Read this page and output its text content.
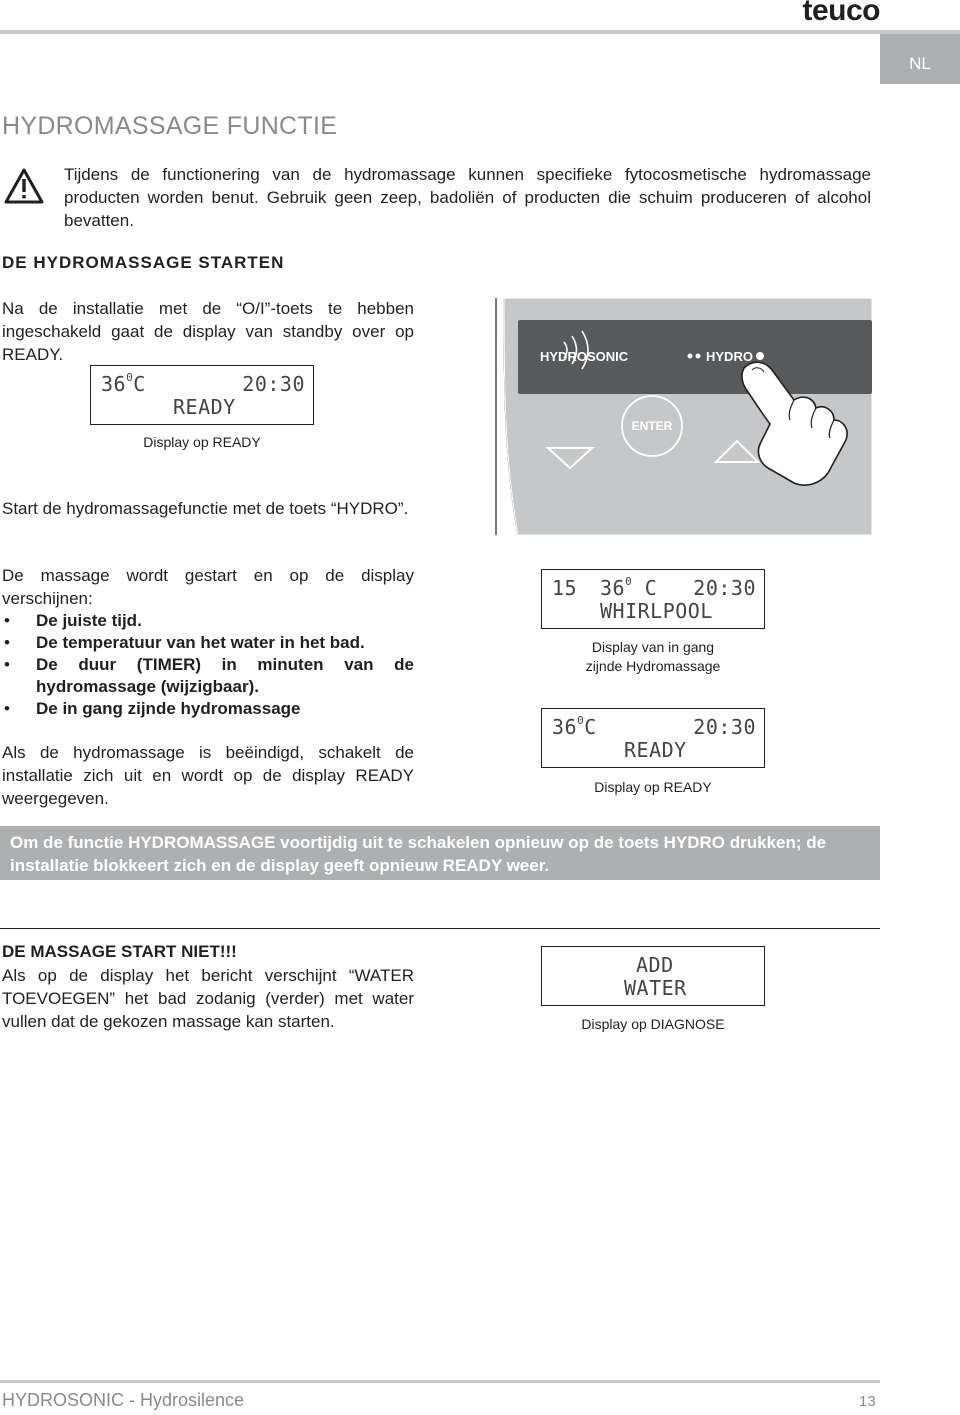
teuco
NL
HYDROMASSAGE FUNCTIE
Tijdens de functionering van de hydromassage kunnen specifieke fytocosmetische hydromassage producten worden benut. Gebruik geen zeep, badoliën of producten die schuim produceren of alcohol bevatten.
DE HYDROMASSAGE STARTEN
Na de installatie met de “O/I”-toets te hebben ingeschakeld gaat de display van standby over op READY.
$36^0C$	20:30
READY
Display op READY
HYDROSONIC	HYDRO
ENTER
Start de hydromassagefunctie met de toets “HYDRO”.
De massage wordt gestart en op de display verschijnen:
• De juiste tijd.
• De temperatuur van het water in het bad.
• De duur (TIMER) in minuten van de hydromassage (wijzigbaar).
• De in gang zijnde hydromassage
Als de hydromassage is beëindigd, schakelt de installatie zich uit en wordt op de display READY weergegeven.
15 $36^0$ C 20:30
WHIRLPOOL
Display van in gang
zijnde Hydromassage
$36^0C$	20:30
READY
Display op READY
Om de functie HYDROMASSAGE voortijdig uit te schakelen opnieuw op de toets HYDRO drukken; de installatie blokkeert zich en de display geeft opnieuw READY weer.
DE MASSAGE START NIET!!!
Als op de display het bericht verschijnt “WATER TOEVOEGEN” het bad zodanig (verder) met water vullen dat de gekozen massage kan starten.
ADD
WATER
Display op DIAGNOSE
HYDROSONIC - Hydrosilence	13
